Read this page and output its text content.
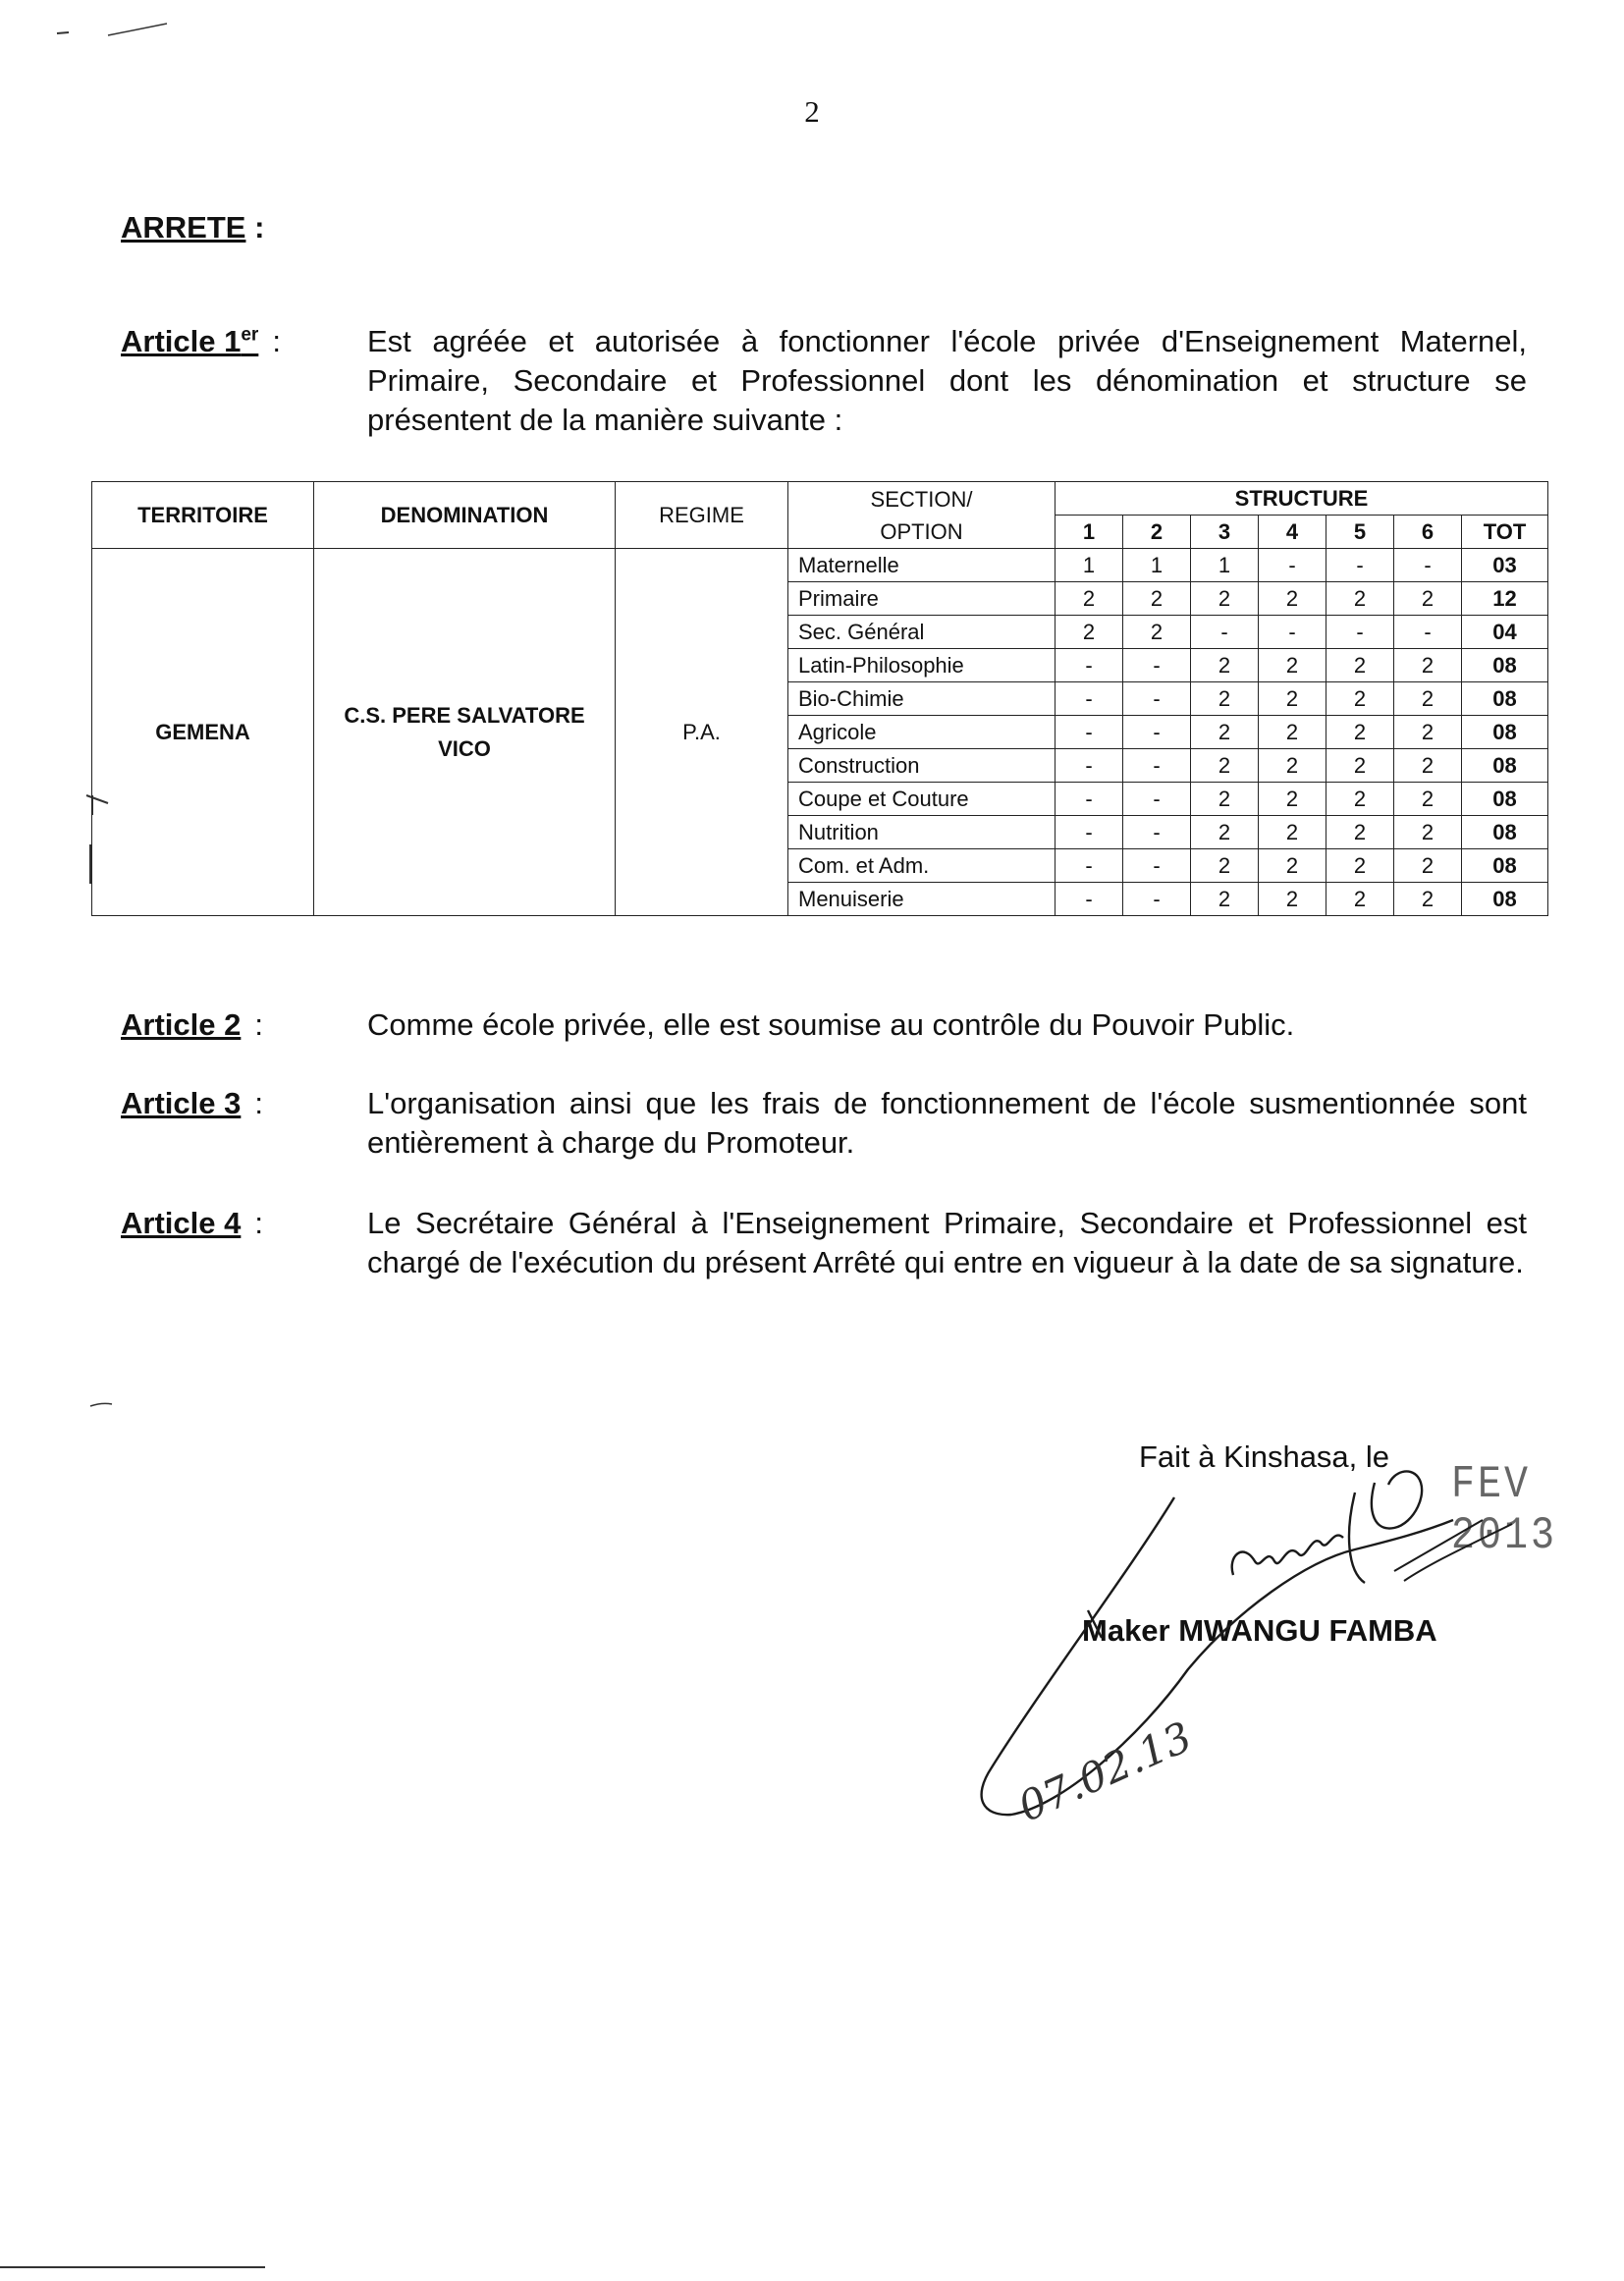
2
ARRETE :
Article 1er :	Est agréée et autorisée à fonctionner l'école privée d'Enseignement Maternel, Primaire, Secondaire et Professionnel dont les dénomination et structure se présentent de la manière suivante :
TERRITOIRE	DENOMINATION	REGIME	SECTION/
OPTION	STRUCTURE						
				1	2	3	4	5	6	TOT
GEMENA	C.S. PERE SALVATORE
VICO	P.A.	Maternelle	1	1	1	-	-	-	03
			Primaire	2	2	2	2	2	2	12
			Sec. Général	2	2	-	-	-	-	04
			Latin-Philosophie	-	-	2	2	2	2	08
			Bio-Chimie	-	-	2	2	2	2	08
			Agricole	-	-	2	2	2	2	08
			Construction	-	-	2	2	2	2	08
			Coupe et Couture	-	-	2	2	2	2	08
			Nutrition	-	-	2	2	2	2	08
			Com. et Adm.	-	-	2	2	2	2	08
			Menuiserie	-	-	2	2	2	2	08
Article 2 :	Comme école privée, elle est soumise au contrôle du Pouvoir Public.
Article 3 :	L'organisation ainsi que les frais de fonctionnement de l'école susmentionnée sont entièrement à charge du Promoteur.
Article 4 :	Le Secrétaire Général à l'Enseignement Primaire, Secondaire et Professionnel est chargé de l'exécution du présent Arrêté qui entre en vigueur à la date de sa signature.
Fait à Kinshasa, le
FEV 2013
Maker MWANGU FAMBA
07.02.13
